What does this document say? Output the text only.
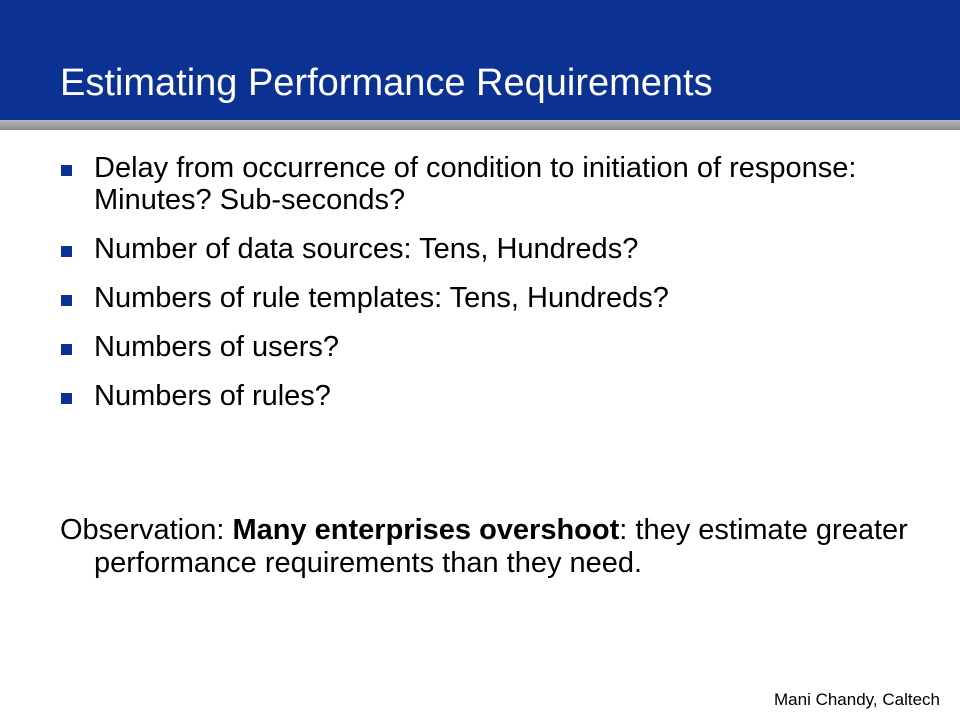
Estimating Performance Requirements
Delay from occurrence of condition to initiation of response: Minutes? Sub-seconds?
Number of data sources: Tens, Hundreds?
Numbers of rule templates: Tens, Hundreds?
Numbers of users?
Numbers of rules?
Observation: Many enterprises overshoot: they estimate greater performance requirements than they need.
Mani Chandy, Caltech
